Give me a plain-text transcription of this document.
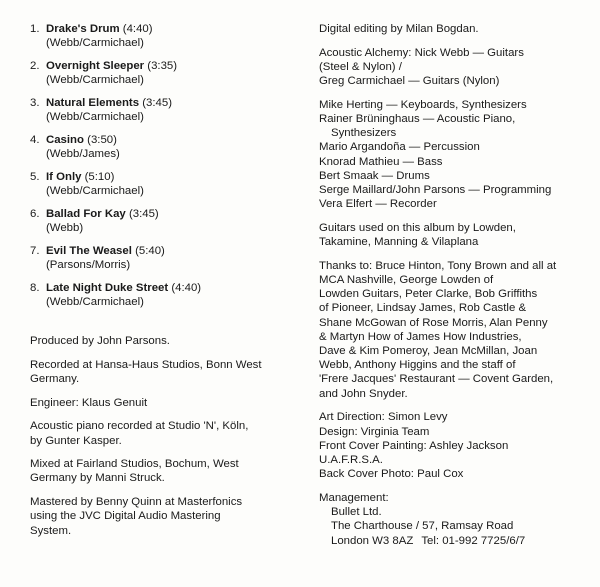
1. Drake's Drum (4:40)
(Webb/Carmichael)
2. Overnight Sleeper (3:35)
(Webb/Carmichael)
3. Natural Elements (3:45)
(Webb/Carmichael)
4. Casino (3:50)
(Webb/James)
5. If Only (5:10)
(Webb/Carmichael)
6. Ballad For Kay (3:45)
(Webb)
7. Evil The Weasel (5:40)
(Parsons/Morris)
8. Late Night Duke Street (4:40)
(Webb/Carmichael)

Produced by John Parsons.

Recorded at Hansa-Haus Studios, Bonn West
Germany.

Engineer: Klaus Genuit

Acoustic piano recorded at Studio 'N', Köln,
by Gunter Kasper.

Mixed at Fairland Studios, Bochum, West
Germany by Manni Struck.

Mastered by Benny Quinn at Masterfonics
using the JVC Digital Audio Mastering
System.

Digital editing by Milan Bogdan.

Acoustic Alchemy: Nick Webb — Guitars
(Steel & Nylon) /
Greg Carmichael — Guitars (Nylon)

Mike Herting — Keyboards, Synthesizers
Rainer Brüninghaus — Acoustic Piano,
Synthesizers
Mario Argandoña — Percussion
Knorad Mathieu — Bass
Bert Smaak — Drums
Serge Maillard/John Parsons — Programming
Vera Elfert — Recorder

Guitars used on this album by Lowden,
Takamine, Manning & Vilaplana

Thanks to: Bruce Hinton, Tony Brown and all at
MCA Nashville, George Lowden of
Lowden Guitars, Peter Clarke, Bob Griffiths
of Pioneer, Lindsay James, Rob Castle &
Shane McGowan of Rose Morris, Alan Penny
& Martyn How of James How Industries,
Dave & Kim Pomeroy, Jean McMillan, Joan
Webb, Anthony Higgins and the staff of
'Frere Jacques' Restaurant — Covent Garden,
and John Snyder.

Art Direction: Simon Levy
Design: Virginia Team
Front Cover Painting: Ashley Jackson
U.A.F.R.S.A.
Back Cover Photo: Paul Cox

Management:
Bullet Ltd.
The Charthouse / 57, Ramsay Road
London W3 8AZ Tel: 01-992 7725/6/7
